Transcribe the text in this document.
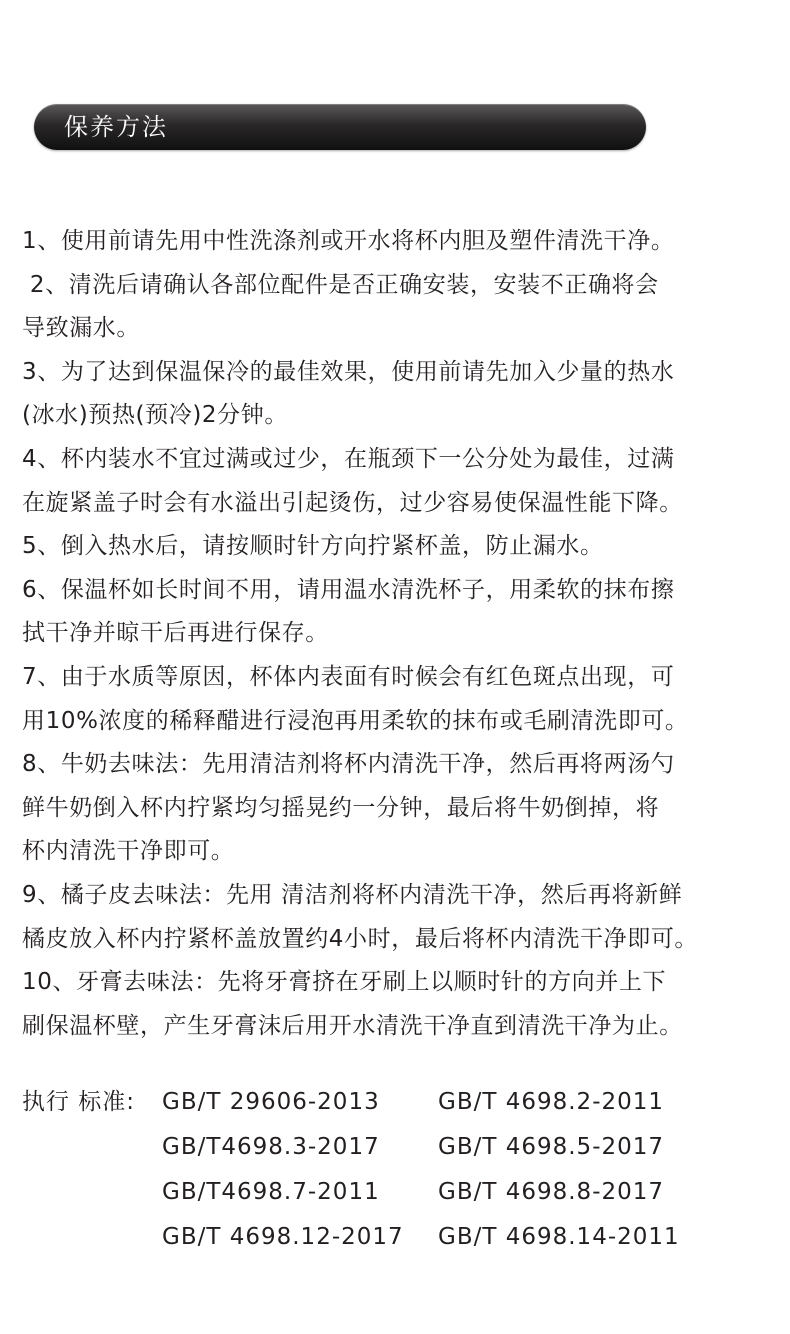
保养方法
1、使用前请先用中性洗涤剂或开水将杯内胆及塑件清洗干净。
2、清洗后请确认各部位配件是否正确安装，安装不正确将会
导致漏水。
3、为了达到保温保冷的最佳效果，使用前请先加入少量的热水
(冰水)预热(预冷)2分钟。
4、杯内装水不宜过满或过少，在瓶颈下一公分处为最佳，过满
在旋紧盖子时会有水溢出引起烫伤，过少容易使保温性能下降。
5、倒入热水后，请按顺时针方向拧紧杯盖，防止漏水。
6、保温杯如长时间不用，请用温水清洗杯子，用柔软的抹布擦
拭干净并晾干后再进行保存。
7、由于水质等原因，杯体内表面有时候会有红色斑点出现，可
用10%浓度的稀释醋进行浸泡再用柔软的抹布或毛刷清洗即可。
8、牛奶去味法：先用清洁剂将杯内清洗干净，然后再将两汤勺
鲜牛奶倒入杯内拧紧均匀摇晃约一分钟，最后将牛奶倒掉，将
杯内清洗干净即可。
9、橘子皮去味法：先用 清洁剂将杯内清洗干净，然后再将新鲜
橘皮放入杯内拧紧杯盖放置约4小时，最后将杯内清洗干净即可。
10、牙膏去味法：先将牙膏挤在牙刷上以顺时针的方向并上下
刷保温杯壁，产生牙膏沫后用开水清洗干净直到清洗干净为止。
执行 标准: GB/T 29606-2013	GB/T 4698.2-2011
GB/T4698.3-2017	GB/T 4698.5-2017
GB/T4698.7-2011	GB/T 4698.8-2017
GB/T 4698.12-2017 GB/T 4698.14-2011
